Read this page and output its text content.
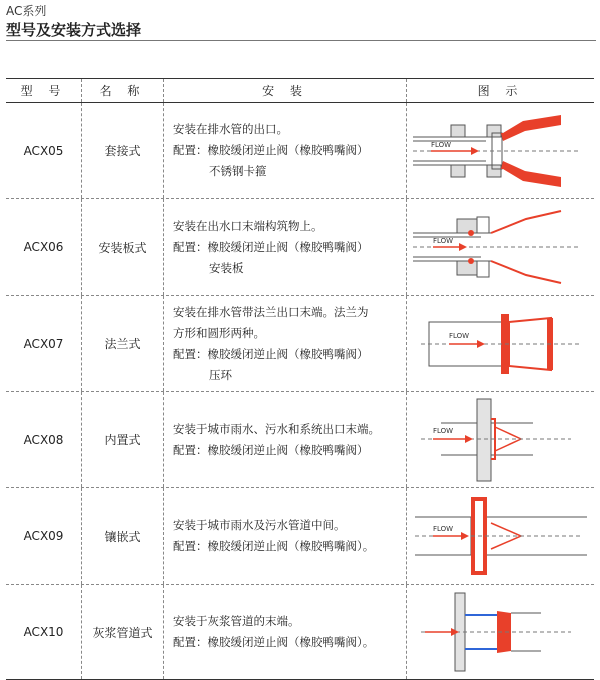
AC系列
型号及安装方式选择
型 号	名 称	安 装	图 示
ACX05	套接式
安装在排水管的出口。
配置：橡胶缓闭逆止阀（橡胶鸭嘴阀）
不锈钢卡箍
FLOW
ACX06	安装板式
安装在出水口末端构筑物上。
配置：橡胶缓闭逆止阀（橡胶鸭嘴阀）
安装板
FLOW
ACX07	法兰式
安装在排水管带法兰出口末端。法兰为
方形和圆形两种。
配置：橡胶缓闭逆止阀（橡胶鸭嘴阀）
压环
FLOW
ACX08	内置式
安装于城市雨水、污水和系统出口末端。
配置：橡胶缓闭逆止阀（橡胶鸭嘴阀）
FLOW
ACX09	镶嵌式
安装于城市雨水及污水管道中间。
配置：橡胶缓闭逆止阀（橡胶鸭嘴阀）。
FLOW
ACX10	灰浆管道式
安装于灰浆管道的末端。
配置：橡胶缓闭逆止阀（橡胶鸭嘴阀）。
